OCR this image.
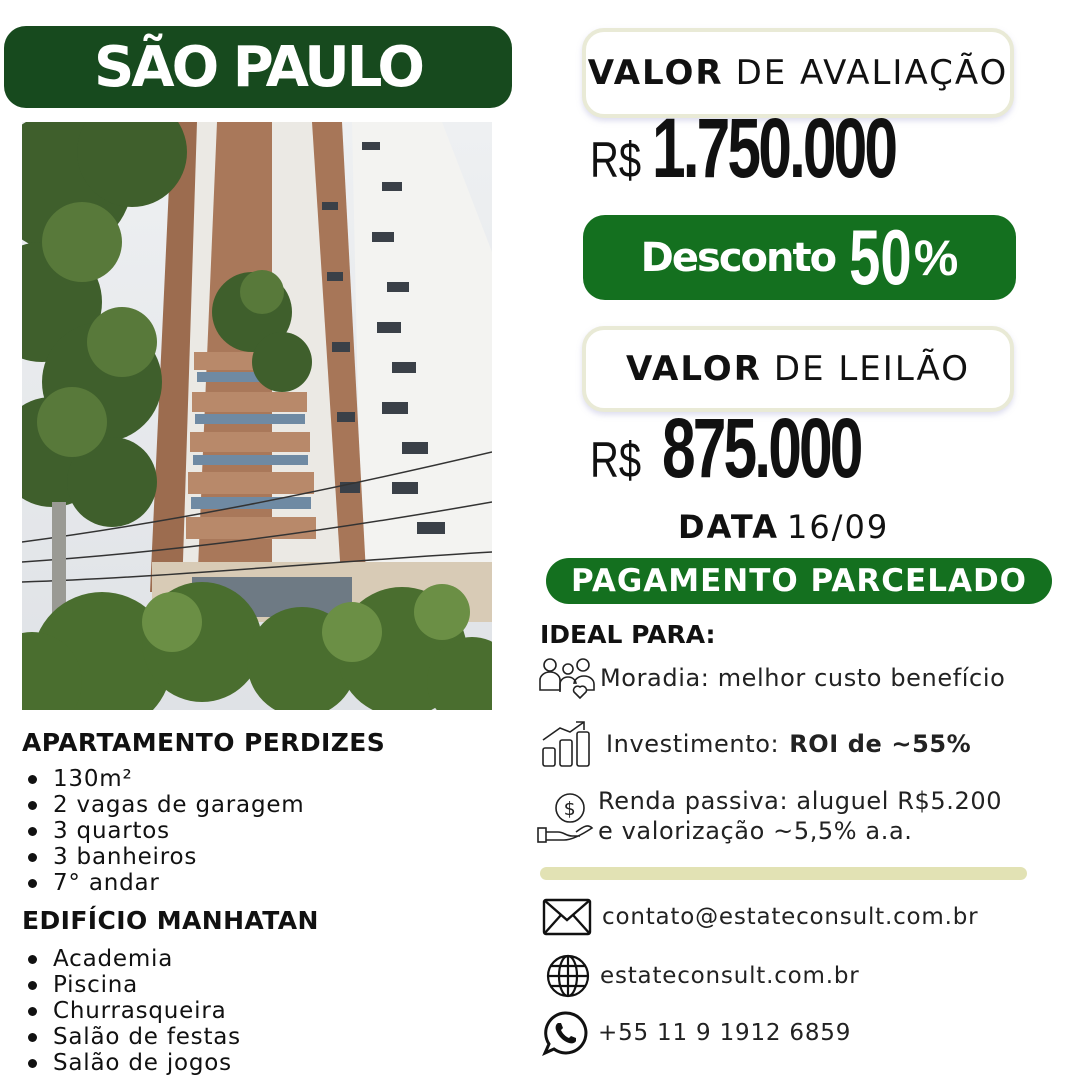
SÃO PAULO	VALOR DE AVALIAÇÃO
R$ 1.750.000
Desconto 50 %
VALOR DE LEILÃO
R$ 875.000
DATA 16/09
PAGAMENTO PARCELADO
IDEAL PARA:
Moradia: melhor custo benefício
Investimento: ROI de ~55%
$ Renda passiva: aluguel R$5.200
e valorização ~5,5% a.a.
contato@estateconsult.com.br
estateconsult.com.br
+55 11 9 1912 6859
APARTAMENTO PERDIZES
130m²
2 vagas de garagem
3 quartos
3 banheiros
7° andar
EDIFÍCIO MANHATAN
Academia
Piscina
Churrasqueira
Salão de festas
Salão de jogos
